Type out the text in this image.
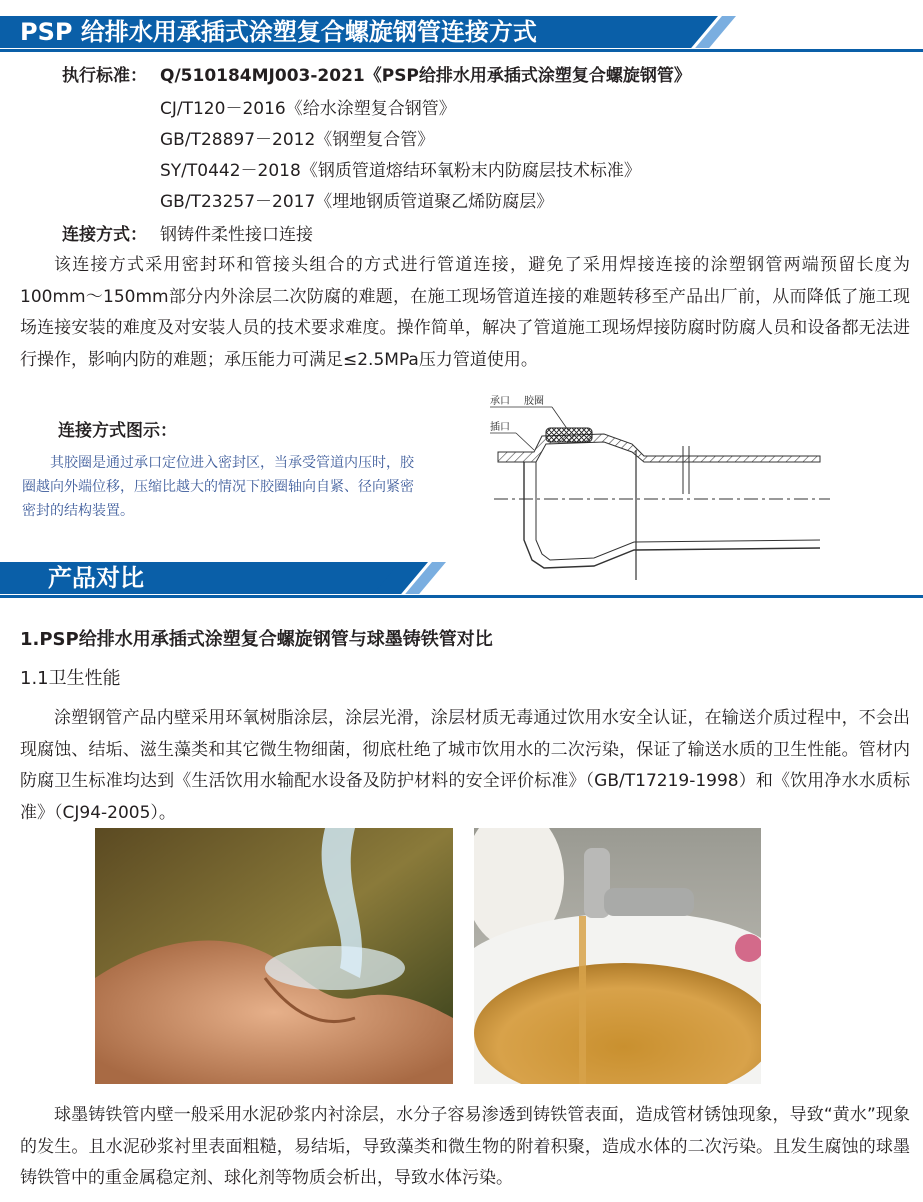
PSP 给排水用承插式涂塑复合螺旋钢管连接方式
执行标准： Q/510184MJ003-2021《PSP给排水用承插式涂塑复合螺旋钢管》
CJ/T120－2016《给水涂塑复合钢管》
GB/T28897－2012《钢塑复合管》
SY/T0442－2018《钢质管道熔结环氧粉末内防腐层技术标准》
GB/T23257－2017《埋地钢质管道聚乙烯防腐层》
连接方式： 钢铸件柔性接口连接
该连接方式采用密封环和管接头组合的方式进行管道连接，避免了采用焊接连接的涂塑钢管两端预留长度为100mm～150mm部分内外涂层二次防腐的难题，在施工现场管道连接的难题转移至产品出厂前，从而降低了施工现场连接安装的难度及对安装人员的技术要求难度。操作简单，解决了管道施工现场焊接防腐时防腐人员和设备都无法进行操作，影响内防的难题；承压能力可满足≤2.5MPa压力管道使用。
连接方式图示：
其胶圈是通过承口定位进入密封区，当承受管道内压时，胶圈越向外端位移，压缩比越大的情况下胶圈轴向自紧、径向紧密密封的结构装置。
承口 胶圈
插口
产品对比
1.PSP给排水用承插式涂塑复合螺旋钢管与球墨铸铁管对比
1.1卫生性能
涂塑钢管产品内壁采用环氧树脂涂层，涂层光滑，涂层材质无毒通过饮用水安全认证，在输送介质过程中，不会出现腐蚀、结垢、滋生藻类和其它微生物细菌，彻底杜绝了城市饮用水的二次污染，保证了输送水质的卫生性能。管材内防腐卫生标准均达到《生活饮用水输配水设备及防护材料的安全评价标准》（GB/T17219-1998）和《饮用净水水质标准》（CJ94-2005）。
球墨铸铁管内壁一般采用水泥砂浆内衬涂层，水分子容易渗透到铸铁管表面，造成管材锈蚀现象，导致“黄水”现象的发生。且水泥砂浆衬里表面粗糙，易结垢，导致藻类和微生物的附着积聚，造成水体的二次污染。且发生腐蚀的球墨铸铁管中的重金属稳定剂、球化剂等物质会析出，导致水体污染。
